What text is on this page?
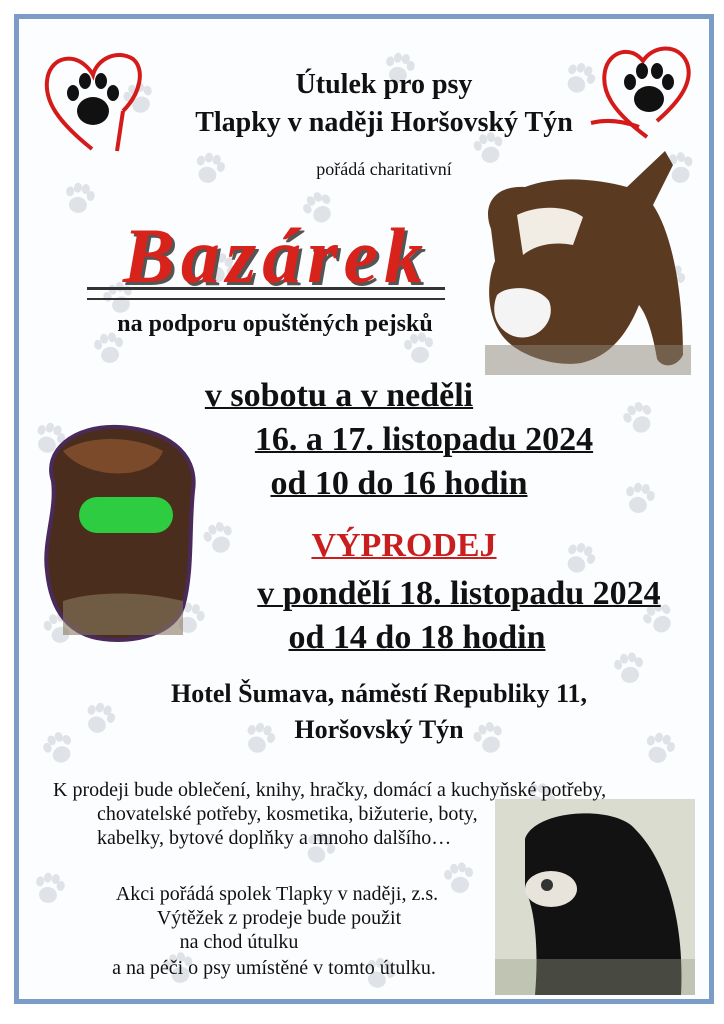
Útulek pro psy
Tlapky v naději Horšovský Týn
pořádá charitativní
Bazárek
na podporu opuštěných pejsků
v sobotu a v neděli
16. a 17. listopadu 2024
od 10 do 16 hodin
VÝPRODEJ
v pondělí 18. listopadu 2024
od 14 do 18 hodin
Hotel Šumava, náměstí Republiky 11,
Horšovský Týn
K prodeji bude oblečení, knihy, hračky, domácí a kuchyňské potřeby,
chovatelské potřeby, kosmetika, bižuterie, boty,
kabelky, bytové doplňky a mnoho dalšího…
Akci pořádá spolek Tlapky v naději, z.s.
Výtěžek z prodeje bude použit
na chod útulku
a na péči o psy umístěné v tomto útulku.
